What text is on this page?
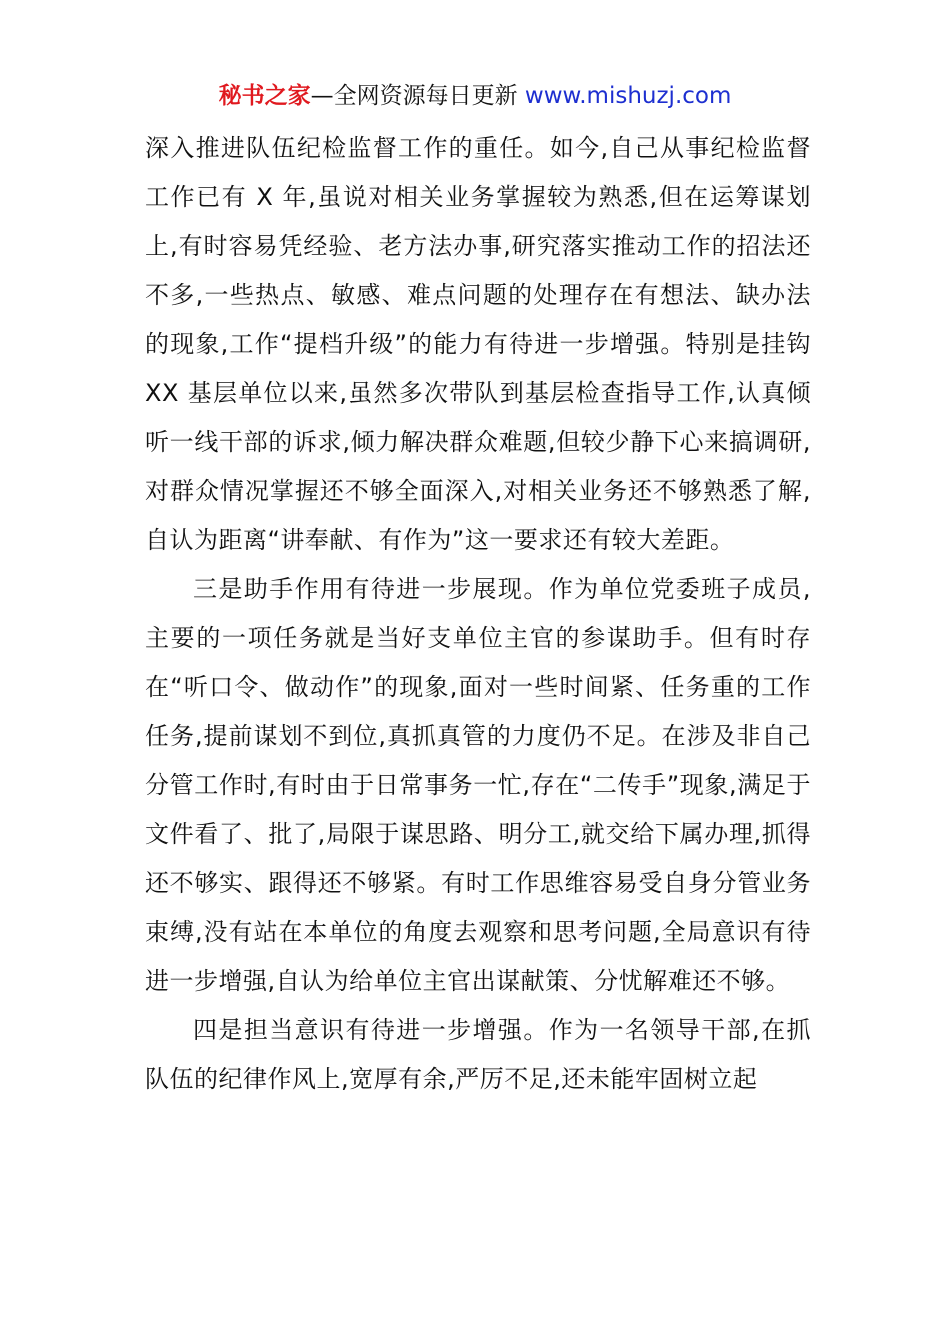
秘书之家—全网资源每日更新 www.mishuzj.com

深入推进队伍纪检监督工作的重任。如今,自己从事纪检监督工作已有 X 年,虽说对相关业务掌握较为熟悉,但在运筹谋划上,有时容易凭经验、老方法办事,研究落实推动工作的招法还不多,一些热点、敏感、难点问题的处理存在有想法、缺办法的现象,工作“提档升级”的能力有待进一步增强。特别是挂钩 XX 基层单位以来,虽然多次带队到基层检查指导工作,认真倾听一线干部的诉求,倾力解决群众难题,但较少静下心来搞调研,对群众情况掌握还不够全面深入,对相关业务还不够熟悉了解,自认为距离“讲奉献、有作为”这一要求还有较大差距。

三是助手作用有待进一步展现。作为单位党委班子成员,主要的一项任务就是当好支单位主官的参谋助手。但有时存在“听口令、做动作”的现象,面对一些时间紧、任务重的工作任务,提前谋划不到位,真抓真管的力度仍不足。在涉及非自己分管工作时,有时由于日常事务一忙,存在“二传手”现象,满足于文件看了、批了,局限于谋思路、明分工,就交给下属办理,抓得还不够实、跟得还不够紧。有时工作思维容易受自身分管业务束缚,没有站在本单位的角度去观察和思考问题,全局意识有待进一步增强,自认为给单位主官出谋献策、分忧解难还不够。

四是担当意识有待进一步增强。作为一名领导干部,在抓队伍的纪律作风上,宽厚有余,严厉不足,还未能牢固树立起
